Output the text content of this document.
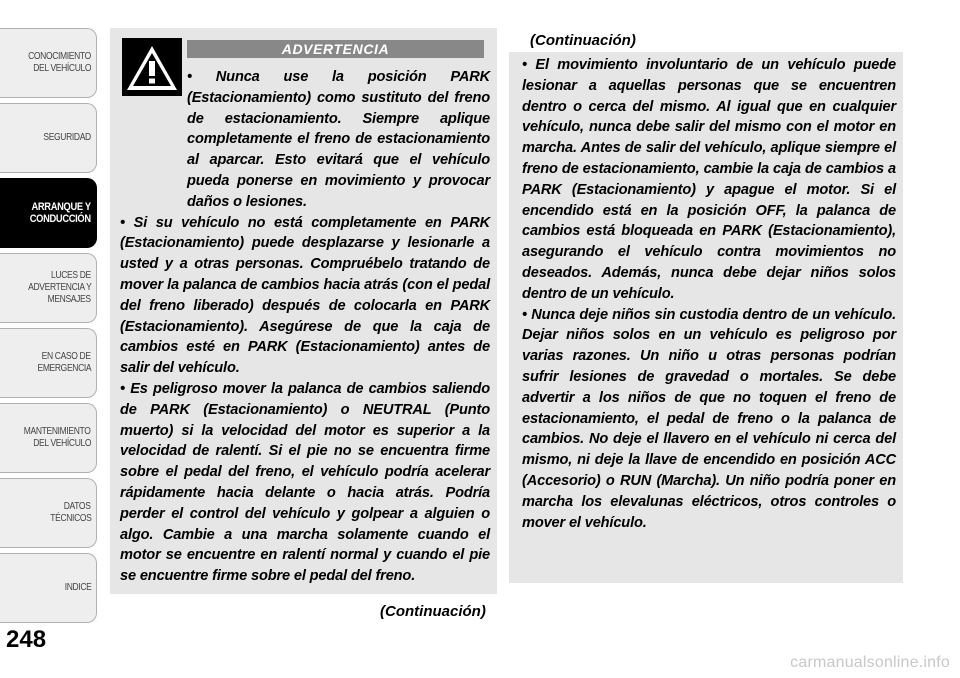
CONOCIMIENTO
DEL VEHÍCULO
SEGURIDAD
ARRANQUE Y
CONDUCCIÓN
LUCES DE
ADVERTENCIA Y
MENSAJES
EN CASO DE
EMERGENCIA
MANTENIMIENTO
DEL VEHÍCULO
DATOS
TÉCNICOS
INDICE
248
ADVERTENCIA

• Nunca use la posición PARK (Estacionamiento) como sustituto del freno de estacionamiento. Siempre aplique completamente el freno de estacionamiento al aparcar. Esto evitará que el vehículo pueda ponerse en movimiento y provocar daños o lesiones.

• Si su vehículo no está completamente en PARK (Estacionamiento) puede desplazarse y lesionarle a usted y a otras personas. Compruébelo tratando de mover la palanca de cambios hacia atrás (con el pedal del freno liberado) después de colocarla en PARK (Estacionamiento). Asegúrese de que la caja de cambios esté en PARK (Estacionamiento) antes de salir del vehículo.

• Es peligroso mover la palanca de cambios saliendo de PARK (Estacionamiento) o NEUTRAL (Punto muerto) si la velocidad del motor es superior a la velocidad de ralentí. Si el pie no se encuentra firme sobre el pedal del freno, el vehículo podría acelerar rápidamente hacia delante o hacia atrás. Podría perder el control del vehículo y golpear a alguien o algo. Cambie a una marcha solamente cuando el motor se encuentre en ralentí normal y cuando el pie se encuentre firme sobre el pedal del freno.

(Continuación)
(Continuación)

• El movimiento involuntario de un vehículo puede lesionar a aquellas personas que se encuentren dentro o cerca del mismo. Al igual que en cualquier vehículo, nunca debe salir del mismo con el motor en marcha. Antes de salir del vehículo, aplique siempre el freno de estacionamiento, cambie la caja de cambios a PARK (Estacionamiento) y apague el motor. Si el encendido está en la posición OFF, la palanca de cambios está bloqueada en PARK (Estacionamiento), asegurando el vehículo contra movimientos no deseados. Además, nunca debe dejar niños solos dentro de un vehículo.

• Nunca deje niños sin custodia dentro de un vehículo. Dejar niños solos en un vehículo es peligroso por varias razones. Un niño u otras personas podrían sufrir lesiones de gravedad o mortales. Se debe advertir a los niños de que no toquen el freno de estacionamiento, el pedal de freno o la palanca de cambios. No deje el llavero en el vehículo ni cerca del mismo, ni deje la llave de encendido en posición ACC (Accesorio) o RUN (Marcha). Un niño podría poner en marcha los elevalunas eléctricos, otros controles o mover el vehículo.

carmanualsonline.info
